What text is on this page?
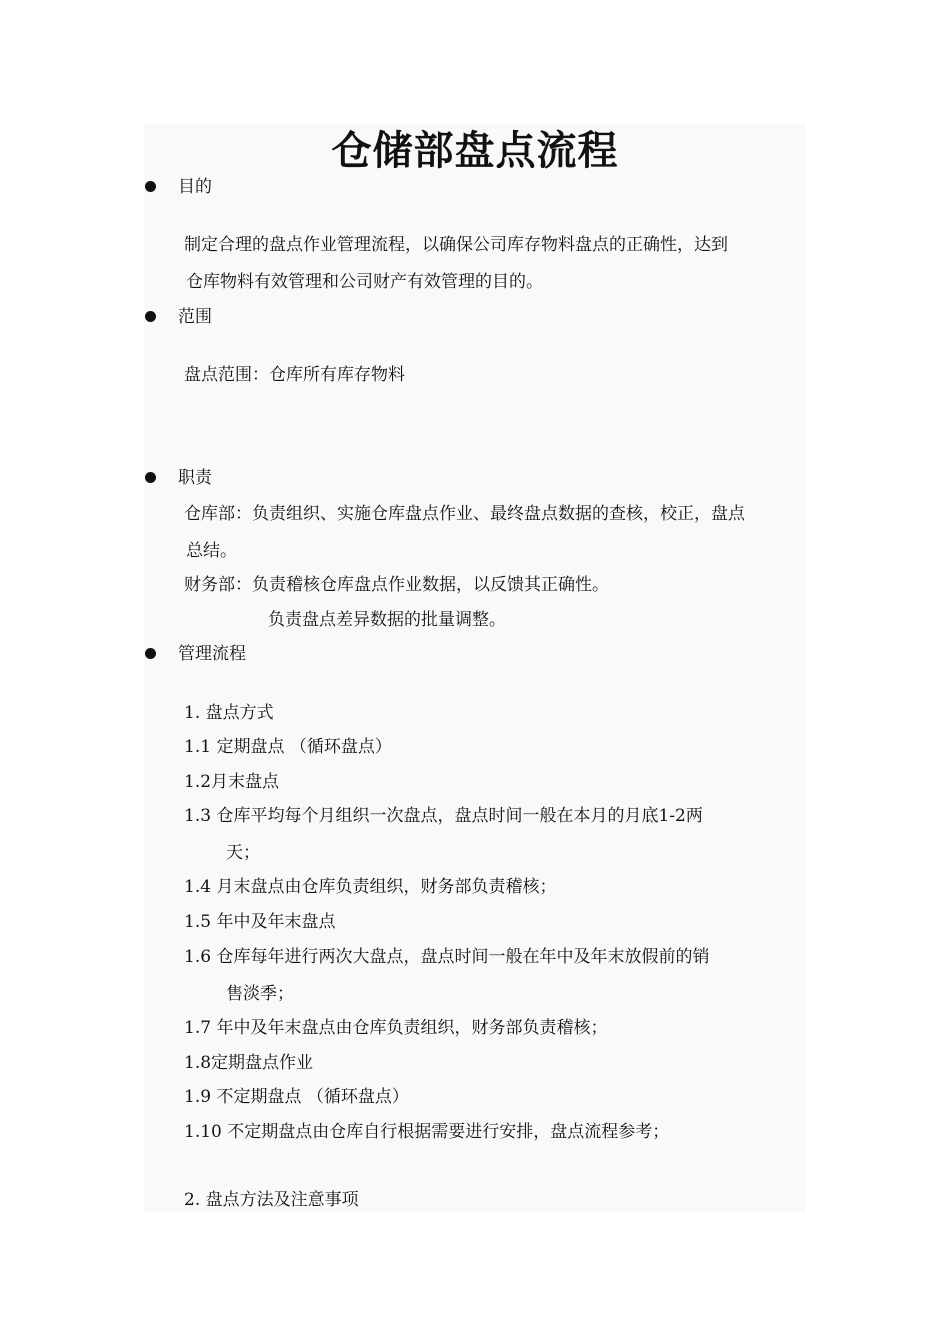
仓储部盘点流程
目的
制定合理的盘点作业管理流程，以确保公司库存物料盘点的正确性，达到
仓库物料有效管理和公司财产有效管理的目的。
范围
盘点范围：仓库所有库存物料
职责
仓库部：负责组织、实施仓库盘点作业、最终盘点数据的查核，校正，盘点
总结。
财务部：负责稽核仓库盘点作业数据，以反馈其正确性。
负责盘点差异数据的批量调整。
管理流程
1. 盘点方式
1.1 定期盘点 （循环盘点）
1.2月末盘点
1.3 仓库平均每个月组织一次盘点，盘点时间一般在本月的月底1-2两
天；
1.4 月末盘点由仓库负责组织，财务部负责稽核；
1.5 年中及年末盘点
1.6 仓库每年进行两次大盘点，盘点时间一般在年中及年末放假前的销
售淡季；
1.7 年中及年末盘点由仓库负责组织，财务部负责稽核；
1.8定期盘点作业
1.9 不定期盘点 （循环盘点）
1.10 不定期盘点由仓库自行根据需要进行安排，盘点流程参考；
2. 盘点方法及注意事项
